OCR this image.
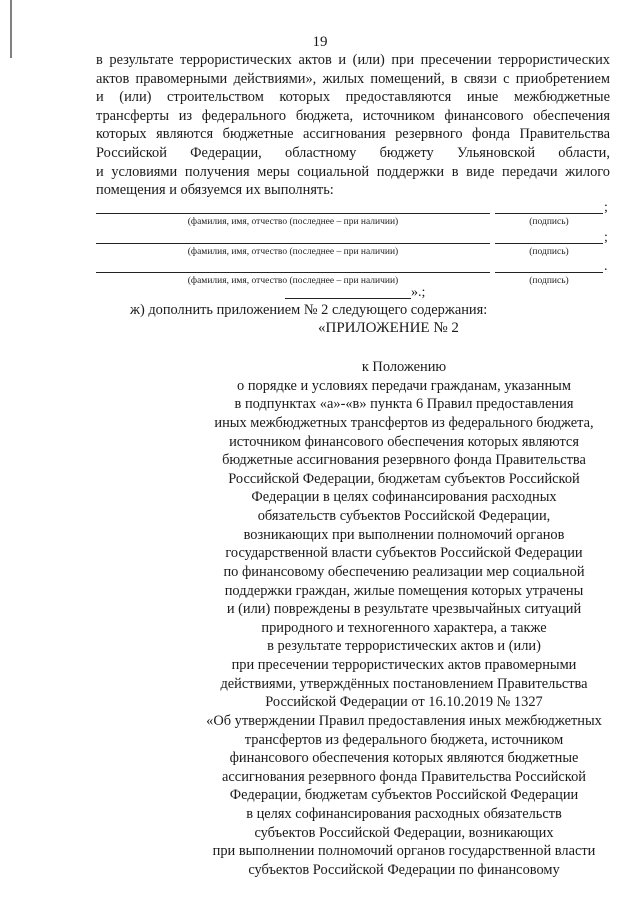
19
в результате террористических актов и (или) при пресечении террористических
актов правомерными действиями», жилых помещений, в связи с приобретением
и (или) строительством которых предоставляются иные межбюджетные
трансферты из федерального бюджета, источником финансового обеспечения
которых являются бюджетные ассигнования резервного фонда Правительства
Российской Федерации, областному бюджету Ульяновской области,
и условиями получения меры социальной поддержки в виде передачи жилого
помещения и обязуемся их выполнять:
;
(фамилия, имя, отчество (последнее – при наличии)	(подпись)
;
(фамилия, имя, отчество (последнее – при наличии)	(подпись)
.
(фамилия, имя, отчество (последнее – при наличии)	(подпись)
».;
ж) дополнить приложением № 2 следующего содержания:
«ПРИЛОЖЕНИЕ № 2
к Положению
о порядке и условиях передачи гражданам, указанным
в подпунктах «а»-«в» пункта 6 Правил предоставления
иных межбюджетных трансфертов из федерального бюджета,
источником финансового обеспечения которых являются
бюджетные ассигнования резервного фонда Правительства
Российской Федерации, бюджетам субъектов Российской
Федерации в целях софинансирования расходных
обязательств субъектов Российской Федерации,
возникающих при выполнении полномочий органов
государственной власти субъектов Российской Федерации
по финансовому обеспечению реализации мер социальной
поддержки граждан, жилые помещения которых утрачены
и (или) повреждены в результате чрезвычайных ситуаций
природного и техногенного характера, а также
в результате террористических актов и (или)
при пресечении террористических актов правомерными
действиями, утверждённых постановлением Правительства
Российской Федерации от 16.10.2019 № 1327
«Об утверждении Правил предоставления иных межбюджетных
трансфертов из федерального бюджета, источником
финансового обеспечения которых являются бюджетные
ассигнования резервного фонда Правительства Российской
Федерации, бюджетам субъектов Российской Федерации
в целях софинансирования расходных обязательств
субъектов Российской Федерации, возникающих
при выполнении полномочий органов государственной власти
субъектов Российской Федерации по финансовому
